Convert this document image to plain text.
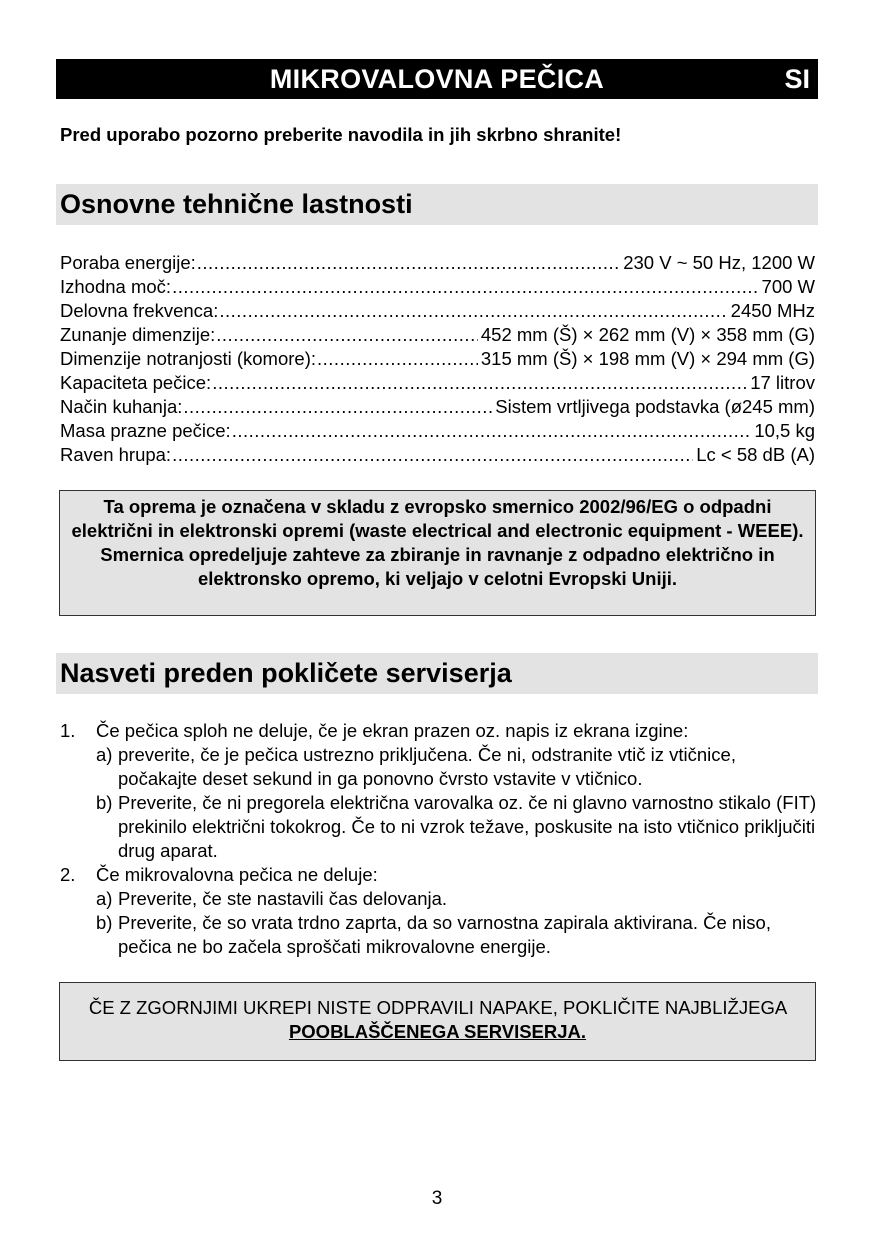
MIKROVALOVNA PEČICA	SI
Pred uporabo pozorno preberite navodila in jih skrbno shranite!
Osnovne tehnične lastnosti
Poraba energije: .....	230 V ~ 50 Hz, 1200 W
Izhodna moč: .....	700 W
Delovna frekvenca: .....	2450 MHz
Zunanje dimenzije: .....	452 mm (Š) × 262 mm (V) × 358 mm (G)
Dimenzije notranjosti (komore): .....	315 mm (Š) × 198 mm (V) × 294 mm (G)
Kapaciteta pečice: .....	17 litrov
Način kuhanja: .....	Sistem vrtljivega podstavka (ø245 mm)
Masa prazne pečice: .....	10,5 kg
Raven hrupa: .....	Lc < 58 dB (A)
Ta oprema je označena v skladu z evropsko smernico 2002/96/EG o odpadni električni in elektronski opremi (waste electrical and electronic equipment - WEEE). Smernica opredeljuje zahteve za zbiranje in ravnanje z odpadno električno in elektronsko opremo, ki veljajo v celotni Evropski Uniji.
Nasveti preden pokličete serviserja
1. Če pečica sploh ne deluje, če je ekran prazen oz. napis iz ekrana izgine:
a) preverite, če je pečica ustrezno priključena. Če ni, odstranite vtič iz vtičnice, počakajte deset sekund in ga ponovno čvrsto vstavite v vtičnico.
b) Preverite, če ni pregorela električna varovalka oz. če ni glavno varnostno stikalo (FIT) prekinilo električni tokokrog. Če to ni vzrok težave, poskusite na isto vtičnico priključiti drug aparat.
2. Če mikrovalovna pečica ne deluje:
a) Preverite, če ste nastavili čas delovanja.
b) Preverite, če so vrata trdno zaprta, da so varnostna zapirala aktivirana. Če niso, pečica ne bo začela sproščati mikrovalovne energije.
ČE Z ZGORNJIMI UKREPI NISTE ODPRAVILI NAPAKE, POKLIČITE NAJBLIŽJEGA POOBLAŠČENEGA SERVISERJA.
3
